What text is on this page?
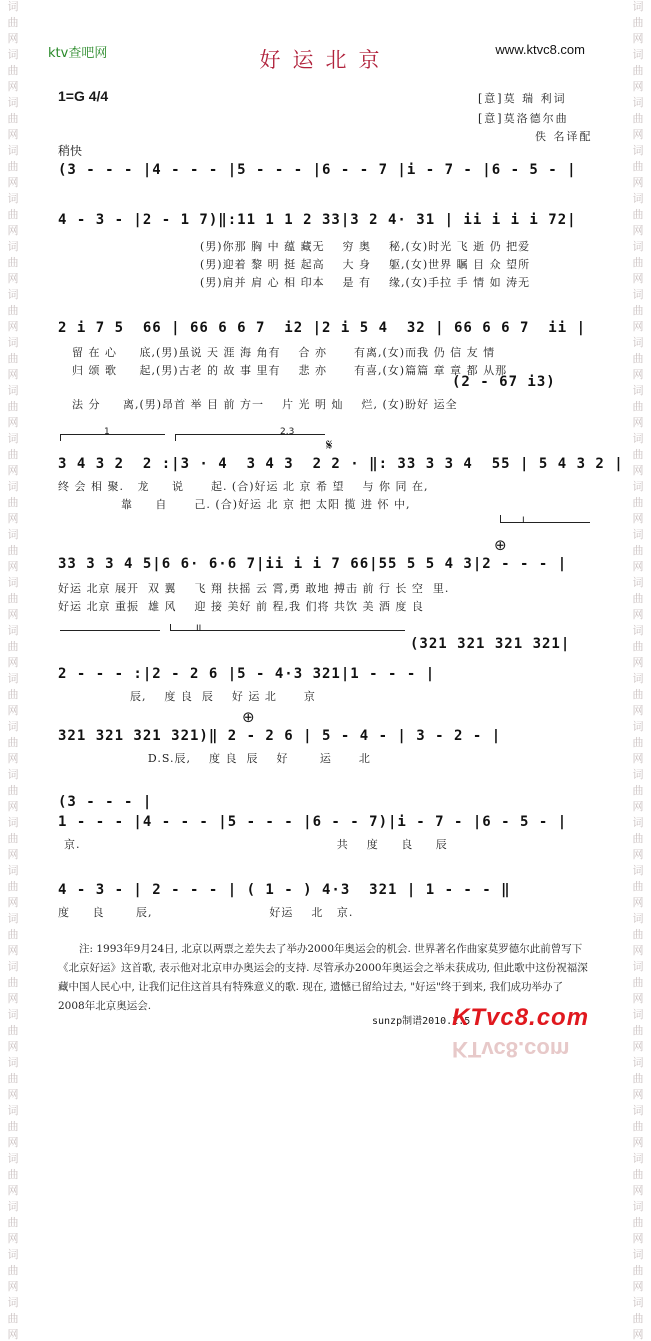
词
曲
网
词
曲
网
词
曲
网
词
曲
网
词
曲
网
词
曲
网
词
曲
网
词
曲
网
词
曲
网
词
曲
网
词
曲
网
词
曲
网
词
曲
网
词
曲
网
词
曲
网
词
曲
网
词
曲
网
词
曲
网
词
曲
网
词
曲
网
词
曲
网
词
曲
网
词
曲
网
词
曲
网
词
曲
网
词
曲
网
词
曲
网
词
曲
网
词
曲
网
词
曲
网
词
曲
网
词
曲
网
词
曲
网
词
曲
网
词
曲
网
词
曲
网
词
曲
网
词
曲
网
词
曲
网
词
曲
网
词
曲
网
词
曲
网
词
曲
网
词
曲
网
词
曲
网
词
曲
网
词
曲
网
词
曲
网
词
曲
网
词
曲
网
词
曲
网
词
曲
网
词
曲
网
词
曲
网
词
曲
网
词
曲
网
ktv查吧网	好运北京	www.ktvc8.com
1=G 4/4	[意]莫 瑞 利词
[意]莫洛德尔曲
佚 名译配
稍快
(3 - - - |4 - - - |5 - - - |6 - - 7 |i - 7 - |6 - 5 - |
4 - 3 - |2 - 1 7)‖:11 1 1 2 33|3 2 4· 31 | ii i i i 72|
(男)你那 胸 中 蕴 藏无    穷 奥    秘,(女)时光 飞 逝 仍 把爱
(男)迎着 黎 明 挺 起高    大 身    躯,(女)世界 瞩 目 众 望所
(男)肩并 肩 心 相 印本    是 有    缘,(女)手拉 手 情 如 涛无
2 i 7 5  66 | 66 6 6 7  i2 |2 i 5 4  32 | 66 6 6 7  ii |
留 在 心     底,(男)虽说 天 涯 海 角有    合 亦      有离,(女)而我 仍 信 友 情
归 颂 歌     起,(男)古老 的 故 事 里有    悲 亦      有喜,(女)篇篇 章 章 都 从那
(2 - 67 i3)
法 分     离,(男)昂首 举 目 前 方一    片 光 明 灿    烂, (女)盼好 运全
1	2.3
𝄋
3 4 3 2  2 :|3 · 4  3 4 3  2 2 · ‖: 33 3 3 4  55 | 5 4 3 2 |
终 会 相 聚.   龙     说      起. (合)好运 北 京 希 望    与 你 同 在,
靠     自      己. (合)好运 北 京 把 太阳 揽 进 怀 中,
I
⊕
33 3 3 4 5|6 6· 6·6 7|ii i i 7 66|55 5 5 4 3|2 - - - |
好运 北京 展开  双 翼    飞 翔 扶摇 云 霄,勇 敢地 搏击 前 行 长 空  里.
好运 北京 重振  雄 风    迎 接 美好 前 程,我 们将 共饮 美 酒 度 良
II
(321 321 321 321|
2 - - - :|2 - 2 6 |5 - 4·3 321|1 - - - |
辰,    度 良  辰    好 运 北      京
⊕
321 321 321 321)‖ 2 - 2 6 | 5 - 4 - | 3 - 2 - |
D.S.辰,    度 良  辰    好       运      北
(3 - - - |
1 - - - |4 - - - |5 - - - |6 - - 7)|i - 7 - |6 - 5 - |
京.                                                         共    度     良     辰
4 - 3 - | 2 - - - | ( 1 - ) 4·3  321 | 1 - - - ‖
度     良       辰,                          好运    北   京.
注: 1993年9月24日, 北京以两票之差失去了举办2000年奥运会的机会. 世界著名作曲家莫罗德尔此前曾写下《北京好运》这首歌, 表示他对北京申办奥运会的支持. 尽管承办2000年奥运会之举未获成功, 但此歌中这份祝福深藏中国人民心中, 让我们记住这首具有特殊意义的歌. 现在, 遗憾已留给过去, "好运"终于到来, 我们成功举办了2008年北京奥运会.
sunzp制谱2010.2.5
KTvc8.com
KTvc8.com
